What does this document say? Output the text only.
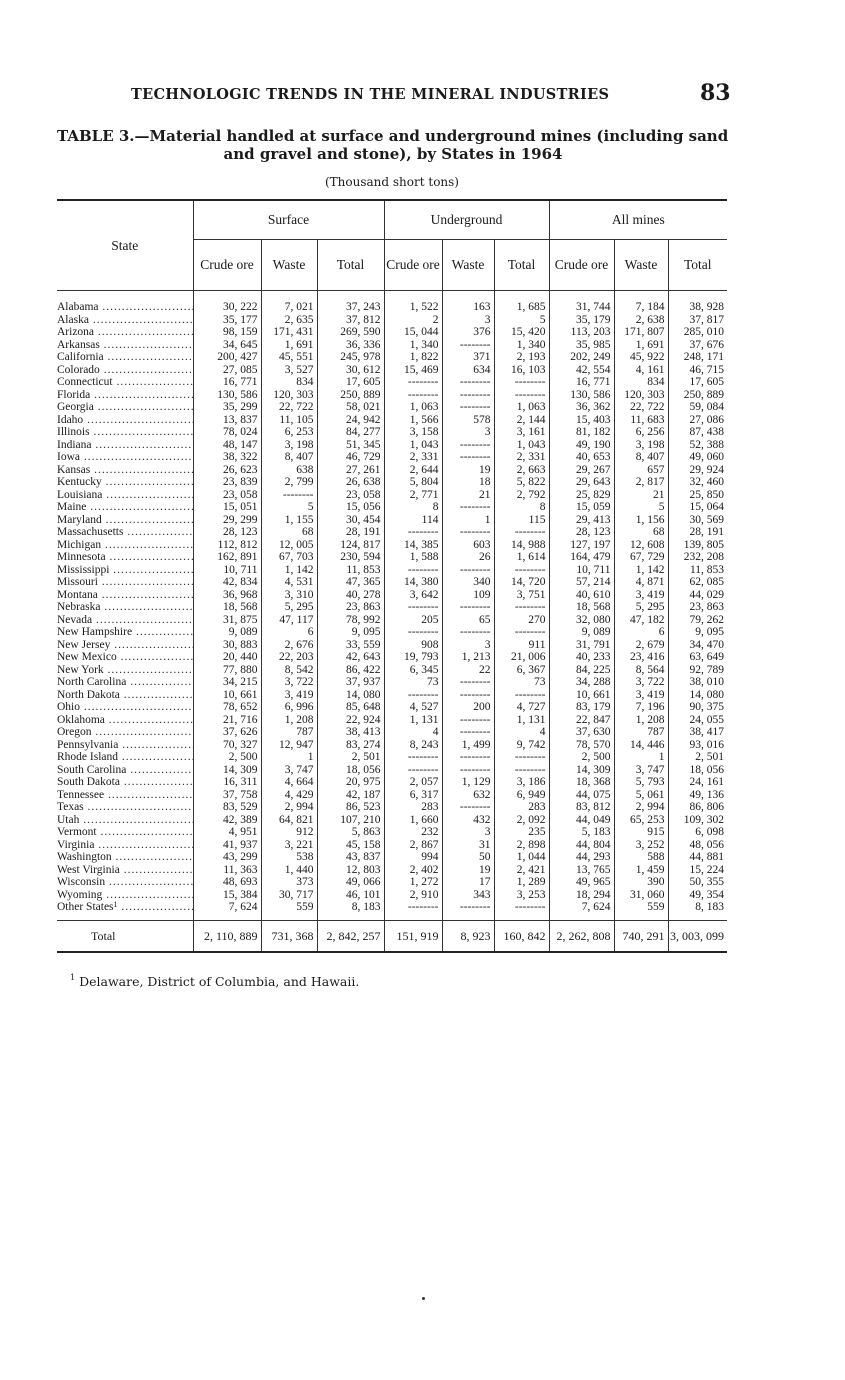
TECHNOLOGIC TRENDS IN THE MINERAL INDUSTRIES	83
TABLE 3.—Material handled at surface and underground mines (including sand
and gravel and stone), by States in 1964
(Thousand short tons)
State	Surface			Underground			All mines		
	Crude ore	Waste	Total	Crude ore	Waste	Total	Crude ore	Waste	Total

Alabama .....	30, 222	7, 021	37, 243	1, 522	163	1, 685	31, 744	7, 184	38, 928

Alaska .....	35, 177	2, 635	37, 812	2	3	5	35, 179	2, 638	37, 817

Arizona .....	98, 159	171, 431	269, 590	15, 044	376	15, 420	113, 203	171, 807	285, 010

Arkansas .....	34, 645	1, 691	36, 336	1, 340	--------	1, 340	35, 985	1, 691	37, 676

California .....	200, 427	45, 551	245, 978	1, 822	371	2, 193	202, 249	45, 922	248, 171

Colorado .....	27, 085	3, 527	30, 612	15, 469	634	16, 103	42, 554	4, 161	46, 715

Connecticut .....	16, 771	834	17, 605	--------	--------	--------	16, 771	834	17, 605

Florida .....	130, 586	120, 303	250, 889	--------	--------	--------	130, 586	120, 303	250, 889

Georgia .....	35, 299	22, 722	58, 021	1, 063	--------	1, 063	36, 362	22, 722	59, 084

Idaho .....	13, 837	11, 105	24, 942	1, 566	578	2, 144	15, 403	11, 683	27, 086

Illinois .....	78, 024	6, 253	84, 277	3, 158	3	3, 161	81, 182	6, 256	87, 438

Indiana .....	48, 147	3, 198	51, 345	1, 043	--------	1, 043	49, 190	3, 198	52, 388

Iowa .....	38, 322	8, 407	46, 729	2, 331	--------	2, 331	40, 653	8, 407	49, 060

Kansas .....	26, 623	638	27, 261	2, 644	19	2, 663	29, 267	657	29, 924

Kentucky .....	23, 839	2, 799	26, 638	5, 804	18	5, 822	29, 643	2, 817	32, 460

Louisiana .....	23, 058	--------	23, 058	2, 771	21	2, 792	25, 829	21	25, 850

Maine .....	15, 051	5	15, 056	8	--------	8	15, 059	5	15, 064

Maryland .....	29, 299	1, 155	30, 454	114	1	115	29, 413	1, 156	30, 569

Massachusetts .....	28, 123	68	28, 191	--------	--------	--------	28, 123	68	28, 191

Michigan .....	112, 812	12, 005	124, 817	14, 385	603	14, 988	127, 197	12, 608	139, 805

Minnesota .....	162, 891	67, 703	230, 594	1, 588	26	1, 614	164, 479	67, 729	232, 208

Mississippi .....	10, 711	1, 142	11, 853	--------	--------	--------	10, 711	1, 142	11, 853

Missouri .....	42, 834	4, 531	47, 365	14, 380	340	14, 720	57, 214	4, 871	62, 085

Montana .....	36, 968	3, 310	40, 278	3, 642	109	3, 751	40, 610	3, 419	44, 029

Nebraska .....	18, 568	5, 295	23, 863	--------	--------	--------	18, 568	5, 295	23, 863

Nevada .....	31, 875	47, 117	78, 992	205	65	270	32, 080	47, 182	79, 262

New Hampshire .....	9, 089	6	9, 095	--------	--------	--------	9, 089	6	9, 095

New Jersey .....	30, 883	2, 676	33, 559	908	3	911	31, 791	2, 679	34, 470

New Mexico .....	20, 440	22, 203	42, 643	19, 793	1, 213	21, 006	40, 233	23, 416	63, 649

New York .....	77, 880	8, 542	86, 422	6, 345	22	6, 367	84, 225	8, 564	92, 789

North Carolina .....	34, 215	3, 722	37, 937	73	--------	73	34, 288	3, 722	38, 010

North Dakota .....	10, 661	3, 419	14, 080	--------	--------	--------	10, 661	3, 419	14, 080

Ohio .....	78, 652	6, 996	85, 648	4, 527	200	4, 727	83, 179	7, 196	90, 375

Oklahoma .....	21, 716	1, 208	22, 924	1, 131	--------	1, 131	22, 847	1, 208	24, 055

Oregon .....	37, 626	787	38, 413	4	--------	4	37, 630	787	38, 417

Pennsylvania .....	70, 327	12, 947	83, 274	8, 243	1, 499	9, 742	78, 570	14, 446	93, 016

Rhode Island .....	2, 500	1	2, 501	--------	--------	--------	2, 500	1	2, 501

South Carolina .....	14, 309	3, 747	18, 056	--------	--------	--------	14, 309	3, 747	18, 056

South Dakota .....	16, 311	4, 664	20, 975	2, 057	1, 129	3, 186	18, 368	5, 793	24, 161

Tennessee .....	37, 758	4, 429	42, 187	6, 317	632	6, 949	44, 075	5, 061	49, 136

Texas .....	83, 529	2, 994	86, 523	283	--------	283	83, 812	2, 994	86, 806

Utah .....	42, 389	64, 821	107, 210	1, 660	432	2, 092	44, 049	65, 253	109, 302

Vermont .....	4, 951	912	5, 863	232	3	235	5, 183	915	6, 098

Virginia .....	41, 937	3, 221	45, 158	2, 867	31	2, 898	44, 804	3, 252	48, 056

Washington .....	43, 299	538	43, 837	994	50	1, 044	44, 293	588	44, 881

West Virginia .....	11, 363	1, 440	12, 803	2, 402	19	2, 421	13, 765	1, 459	15, 224

Wisconsin .....	48, 693	373	49, 066	1, 272	17	1, 289	49, 965	390	50, 355

Wyoming .....	15, 384	30, 717	46, 101	2, 910	343	3, 253	18, 294	31, 060	49, 354

Other States$^1$ .....	7, 624	559	8, 183	--------	--------	--------	7, 624	559	8, 183

Total	2, 110, 889	731, 368	2, 842, 257	151, 919	8, 923	160, 842	2, 262, 808	740, 291	3, 003, 099
$^1$ Delaware, District of Columbia, and Hawaii.
